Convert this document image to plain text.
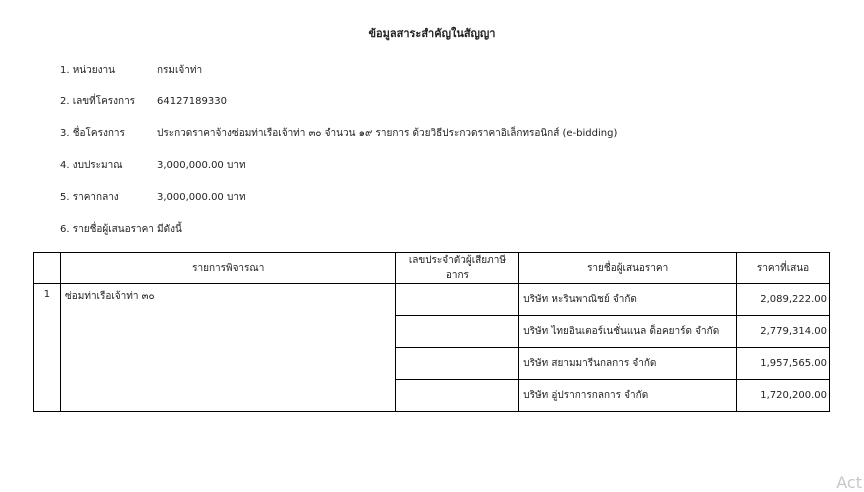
ข้อมูลสาระสำคัญในสัญญา
1. หน่วยงาน	กรมเจ้าท่า
2. เลขที่โครงการ 64127189330
3. ชื่อโครงการ	ประกวดราคาจ้างซ่อมท่าเรือเจ้าท่า ๓๐ จำนวน ๑๙ รายการ ด้วยวิธีประกวดราคาอิเล็กทรอนิกส์ (e-bidding)
4. งบประมาณ	3,000,000.00 บาท
5. ราคากลาง	3,000,000.00 บาท
6. รายชื่อผู้เสนอราคา มีดังนี้
	รายการพิจารณา	เลขประจำตัวผู้เสียภาษีอากร	รายชื่อผู้เสนอราคา	ราคาที่เสนอ
1	ซ่อมท่าเรือเจ้าท่า ๓๐		บริษัท หะรินพาณิชย์ จำกัด	2,089,222.00
			บริษัท ไทยอินเตอร์เนชั่นแนล ด็อคยาร์ด จำกัด	2,779,314.00
			บริษัท สยามมารีนกลการ จำกัด	1,957,565.00
			บริษัท อู่ปราการกลการ จำกัด	1,720,200.00
Act
